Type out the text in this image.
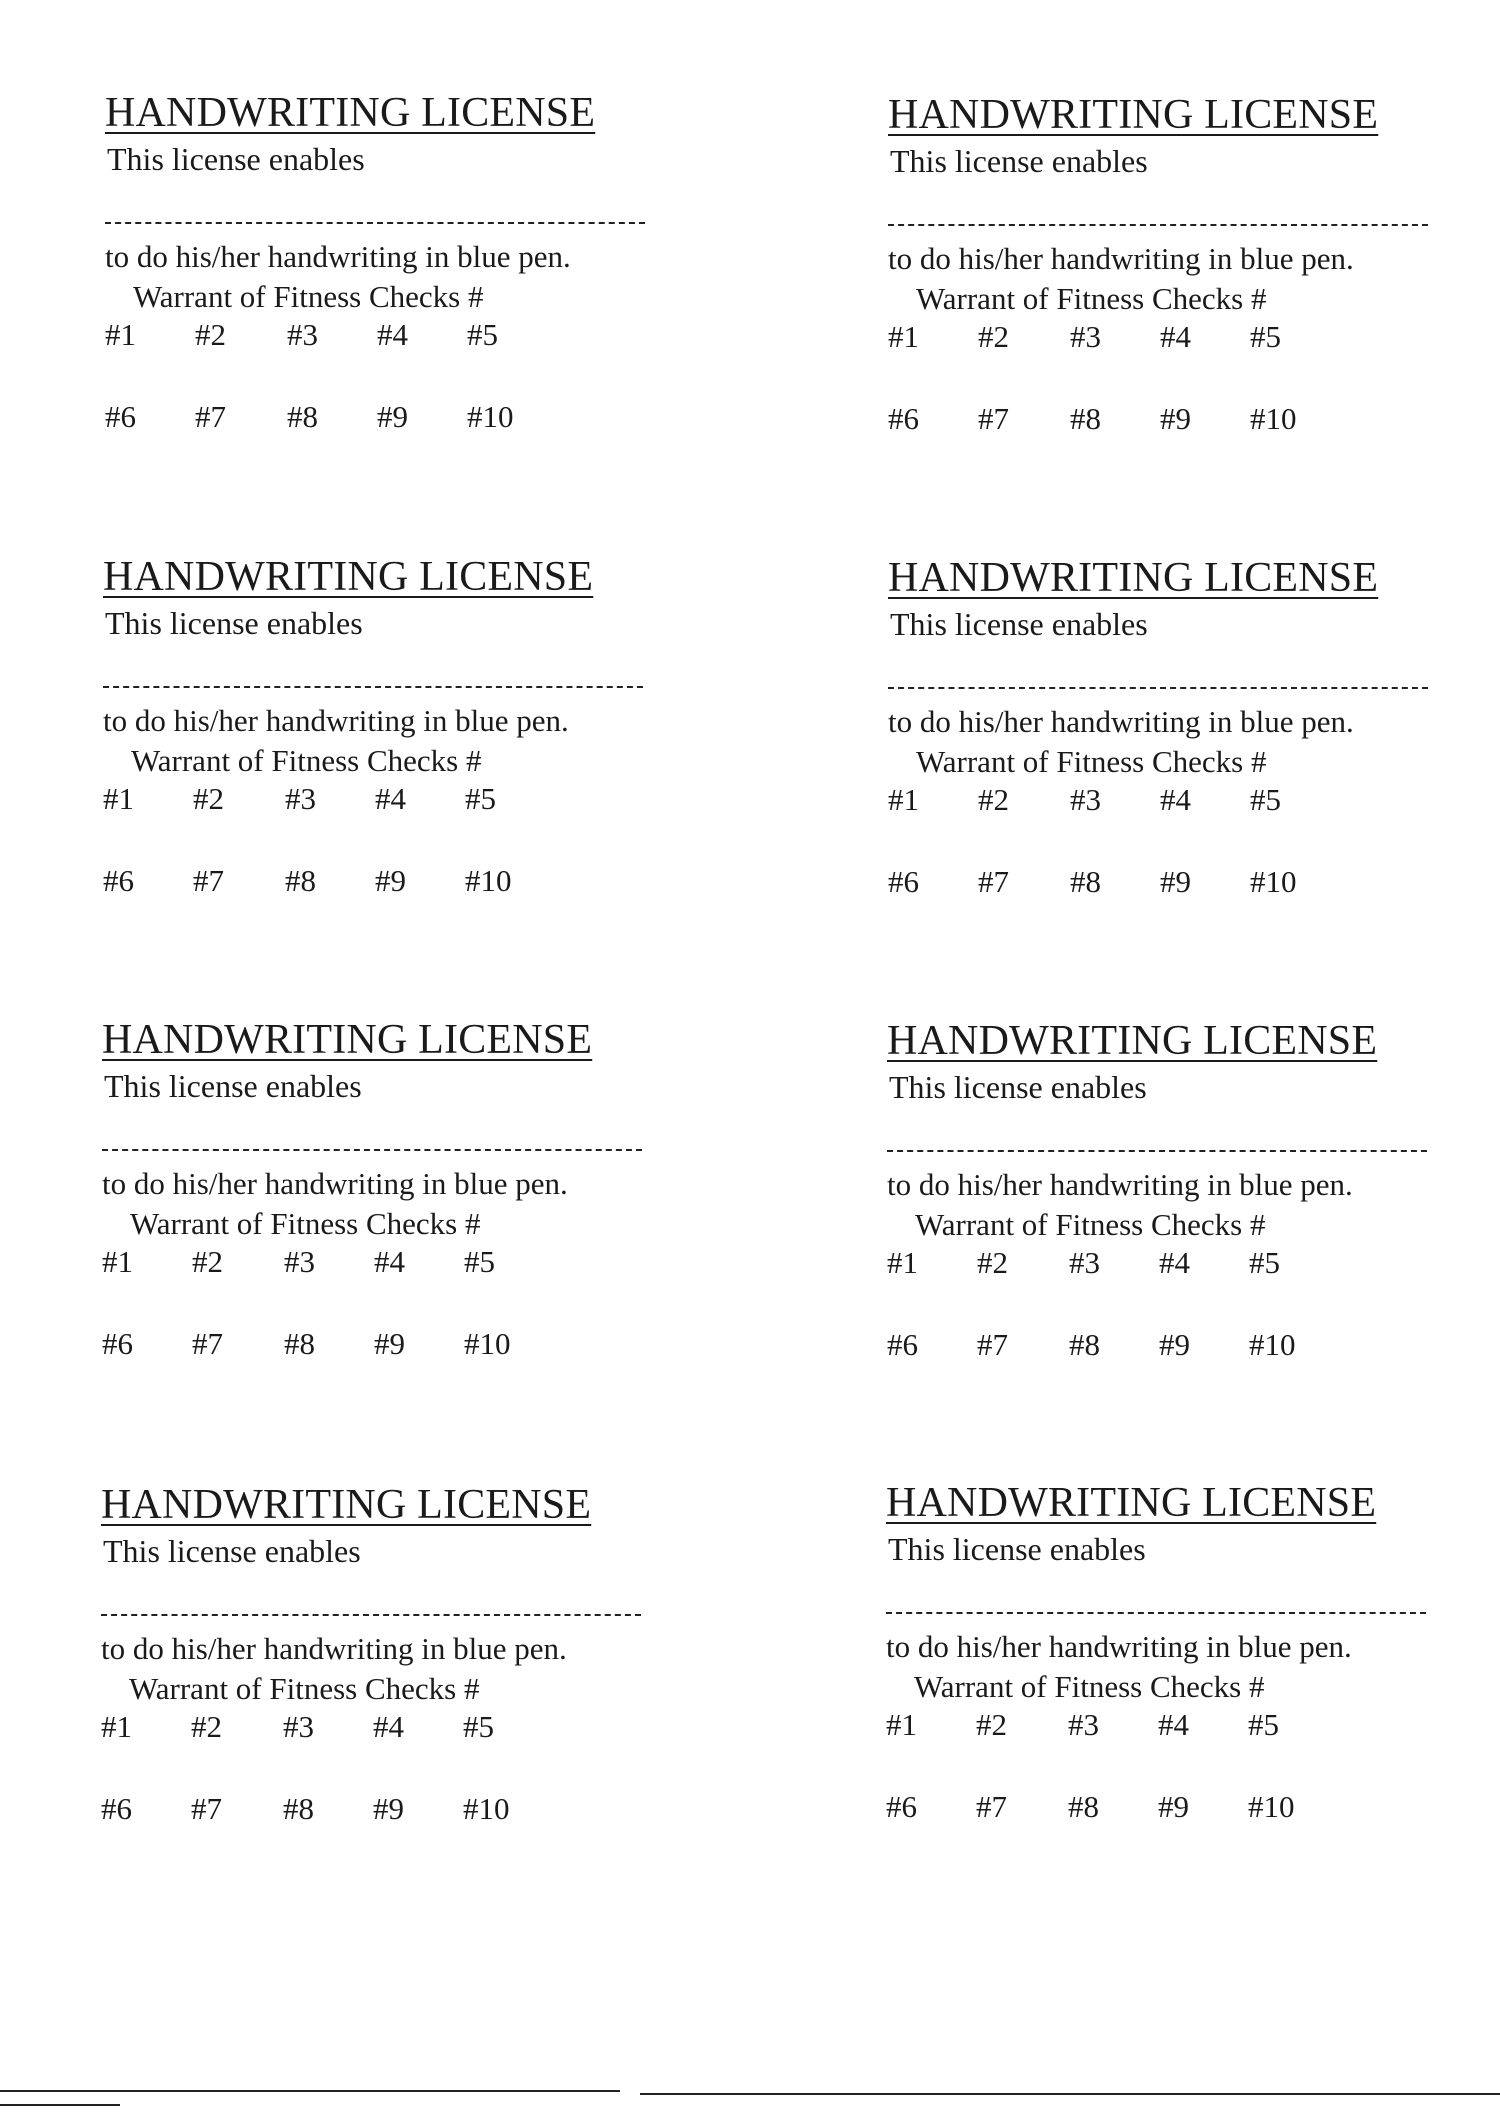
HANDWRITING LICENSE
This license enables
to do his/her handwriting in blue pen.
Warrant of Fitness Checks #
#1 #2 #3 #4 #5
#6 #7 #8 #9 #10
HANDWRITING LICENSE
This license enables
to do his/her handwriting in blue pen.
Warrant of Fitness Checks #
#1 #2 #3 #4 #5
#6 #7 #8 #9 #10
HANDWRITING LICENSE
This license enables
to do his/her handwriting in blue pen.
Warrant of Fitness Checks #
#1 #2 #3 #4 #5
#6 #7 #8 #9 #10
HANDWRITING LICENSE
This license enables
to do his/her handwriting in blue pen.
Warrant of Fitness Checks #
#1 #2 #3 #4 #5
#6 #7 #8 #9 #10
HANDWRITING LICENSE
This license enables
to do his/her handwriting in blue pen.
Warrant of Fitness Checks #
#1 #2 #3 #4 #5
#6 #7 #8 #9 #10
HANDWRITING LICENSE
This license enables
to do his/her handwriting in blue pen.
Warrant of Fitness Checks #
#1 #2 #3 #4 #5
#6 #7 #8 #9 #10
HANDWRITING LICENSE
This license enables
to do his/her handwriting in blue pen.
Warrant of Fitness Checks #
#1 #2 #3 #4 #5
#6 #7 #8 #9 #10
HANDWRITING LICENSE
This license enables
to do his/her handwriting in blue pen.
Warrant of Fitness Checks #
#1 #2 #3 #4 #5
#6 #7 #8 #9 #10
